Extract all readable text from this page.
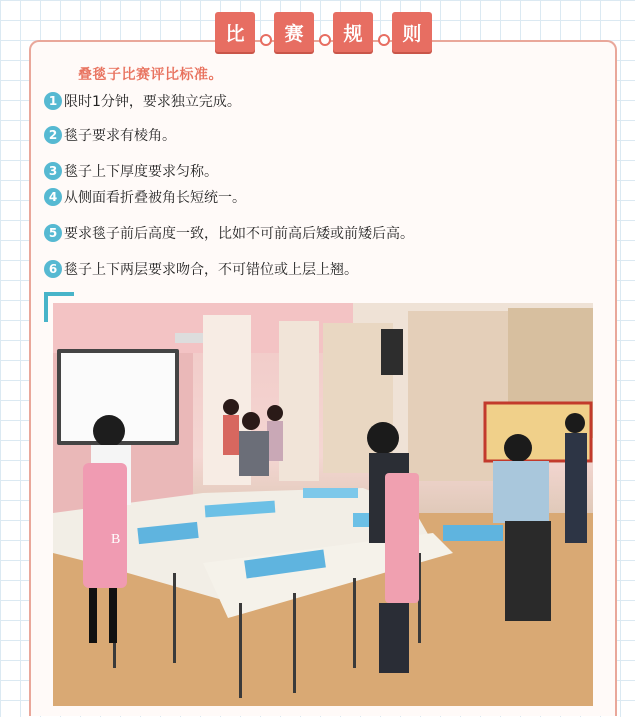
比	赛	规	则
叠毯子比赛评比标准。
1 限时1分钟，要求独立完成。
2 毯子要求有棱角。
3 毯子上下厚度要求匀称。
4 从侧面看折叠被角长短统一。
5 要求毯子前后高度一致，比如不可前高后矮或前矮后高。
6 毯子上下两层要求吻合，不可错位或上层上翘。
B
